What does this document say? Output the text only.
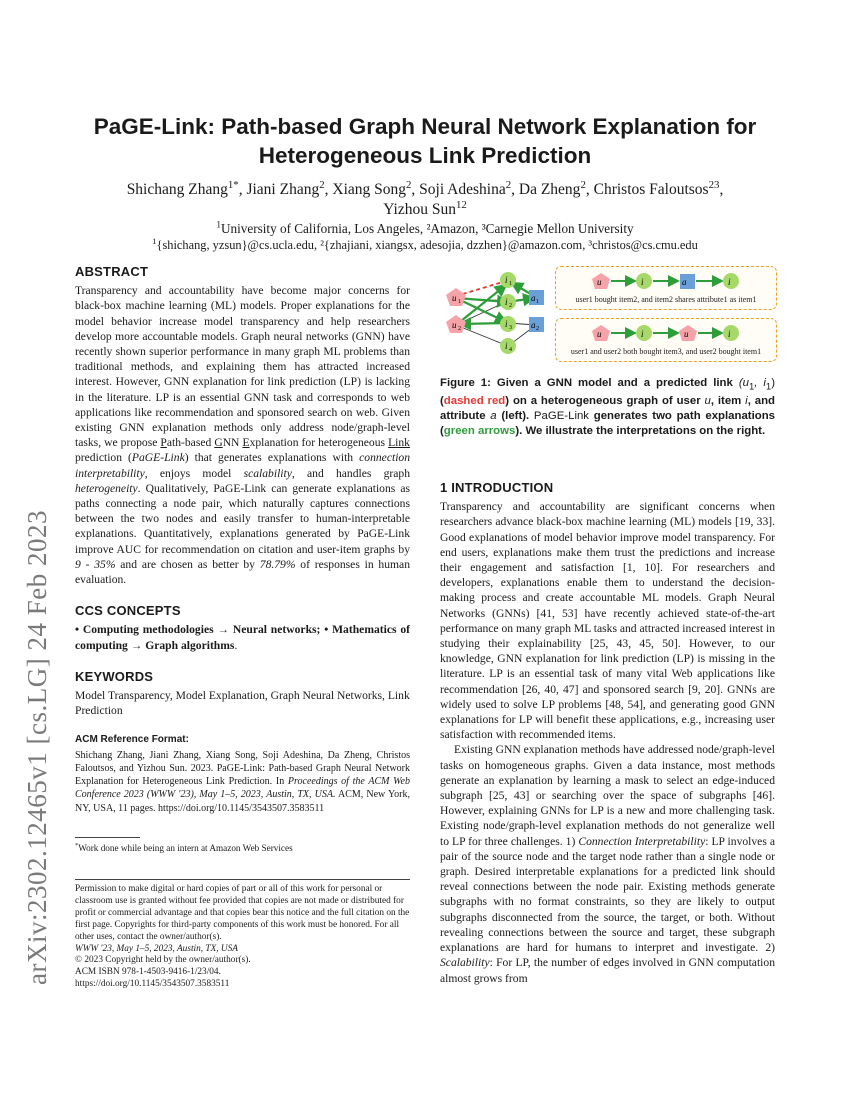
arXiv:2302.12465v1 [cs.LG] 24 Feb 2023
PaGE-Link: Path-based Graph Neural Network Explanation for
Heterogeneous Link Prediction
Shichang Zhang$^{1*}$, Jiani Zhang$^2$, Xiang Song$^2$, Soji Adeshina$^2$, Da Zheng$^2$, Christos Faloutsos$^{23}$,
Yizhou Sun$^{12}$
$^1$University of California, Los Angeles, ²Amazon, ³Carnegie Mellon University
$^1${shichang, yzsun}@cs.ucla.edu, ²{zhajiani, xiangsx, adesojia, dzzhen}@amazon.com, ³christos@cs.cmu.edu
ABSTRACT

Transparency and accountability have become major concerns for black-box machine learning (ML) models. Proper explanations for the model behavior increase model transparency and help researchers develop more accountable models. Graph neural networks (GNN) have recently shown superior performance in many graph ML problems than traditional methods, and explaining them has attracted increased interest. However, GNN explanation for link prediction (LP) is lacking in the literature. LP is an essential GNN task and corresponds to web applications like recommendation and sponsored search on web. Given existing GNN explanation methods only address node/graph-level tasks, we propose Path-based GNN Explanation for heterogeneous Link prediction (PaGE-Link) that generates explanations with connection interpretability, enjoys model scalability, and handles graph heterogeneity. Qualitatively, PaGE-Link can generate explanations as paths connecting a node pair, which naturally captures connections between the two nodes and easily transfer to human-interpretable explanations. Quantitatively, explanations generated by PaGE-Link improve AUC for recommendation on citation and user-item graphs by 9 - 35% and are chosen as better by 78.79% of responses in human evaluation.

CCS CONCEPTS

• Computing methodologies → Neural networks; • Mathematics of computing → Graph algorithms.

KEYWORDS

Model Transparency, Model Explanation, Graph Neural Networks, Link Prediction

ACM Reference Format:

Shichang Zhang, Jiani Zhang, Xiang Song, Soji Adeshina, Da Zheng, Christos Faloutsos, and Yizhou Sun. 2023. PaGE-Link: Path-based Graph Neural Network Explanation for Heterogeneous Link Prediction. In Proceedings of the ACM Web Conference 2023 (WWW '23), May 1–5, 2023, Austin, TX, USA. ACM, New York, NY, USA, 11 pages. https://doi.org/10.1145/3543507.3583511

*Work done while being an intern at Amazon Web Services
Permission to make digital or hard copies of part or all of this work for personal or classroom use is granted without fee provided that copies are not made or distributed for profit or commercial advantage and that copies bear this notice and the full citation on the first page. Copyrights for third-party components of this work must be honored. For all other uses, contact the owner/author(s).
WWW '23, May 1–5, 2023, Austin, TX, USA
© 2023 Copyright held by the owner/author(s).
ACM ISBN 978-1-4503-9416-1/23/04.
https://doi.org/10.1145/3543507.3583511
u 1
u 2
i 1
i 2
i 3
i 4
a 1
a 2
u	i	a	i
user1 bought item2, and item2 shares attribute1 as item1
u	i	u	i
user1 and user2 both bought item3, and user2 bought item1
Figure 1: Given a GNN model and a predicted link ($u_1$, $i_1$) (dashed red) on a heterogeneous graph of user u, item i, and attribute a (left). PaGE-Link generates two path explanations (green arrows). We illustrate the interpretations on the right.
1 INTRODUCTION

Transparency and accountability are significant concerns when researchers advance black-box machine learning (ML) models [19, 33]. Good explanations of model behavior improve model transparency. For end users, explanations make them trust the predictions and increase their engagement and satisfaction [1, 10]. For researchers and developers, explanations enable them to understand the decision-making process and create accountable ML models. Graph Neural Networks (GNNs) [41, 53] have recently achieved state-of-the-art performance on many graph ML tasks and attracted increased interest in studying their explainability [25, 43, 45, 50]. However, to our knowledge, GNN explanation for link prediction (LP) is missing in the literature. LP is an essential task of many vital Web applications like recommendation [26, 40, 47] and sponsored search [9, 20]. GNNs are widely used to solve LP problems [48, 54], and generating good GNN explanations for LP will benefit these applications, e.g., increasing user satisfaction with recommended items.

Existing GNN explanation methods have addressed node/graph-level tasks on homogeneous graphs. Given a data instance, most methods generate an explanation by learning a mask to select an edge-induced subgraph [25, 43] or searching over the space of subgraphs [46]. However, explaining GNNs for LP is a new and more challenging task. Existing node/graph-level explanation methods do not generalize well to LP for three challenges. 1) Connection Interpretability: LP involves a pair of the source node and the target node rather than a single node or graph. Desired interpretable explanations for a predicted link should reveal connections between the node pair. Existing methods generate subgraphs with no format constraints, so they are likely to output subgraphs disconnected from the source, the target, or both. Without revealing connections between the source and target, these subgraph explanations are hard for humans to interpret and investigate. 2) Scalability: For LP, the number of edges involved in GNN computation almost grows from
